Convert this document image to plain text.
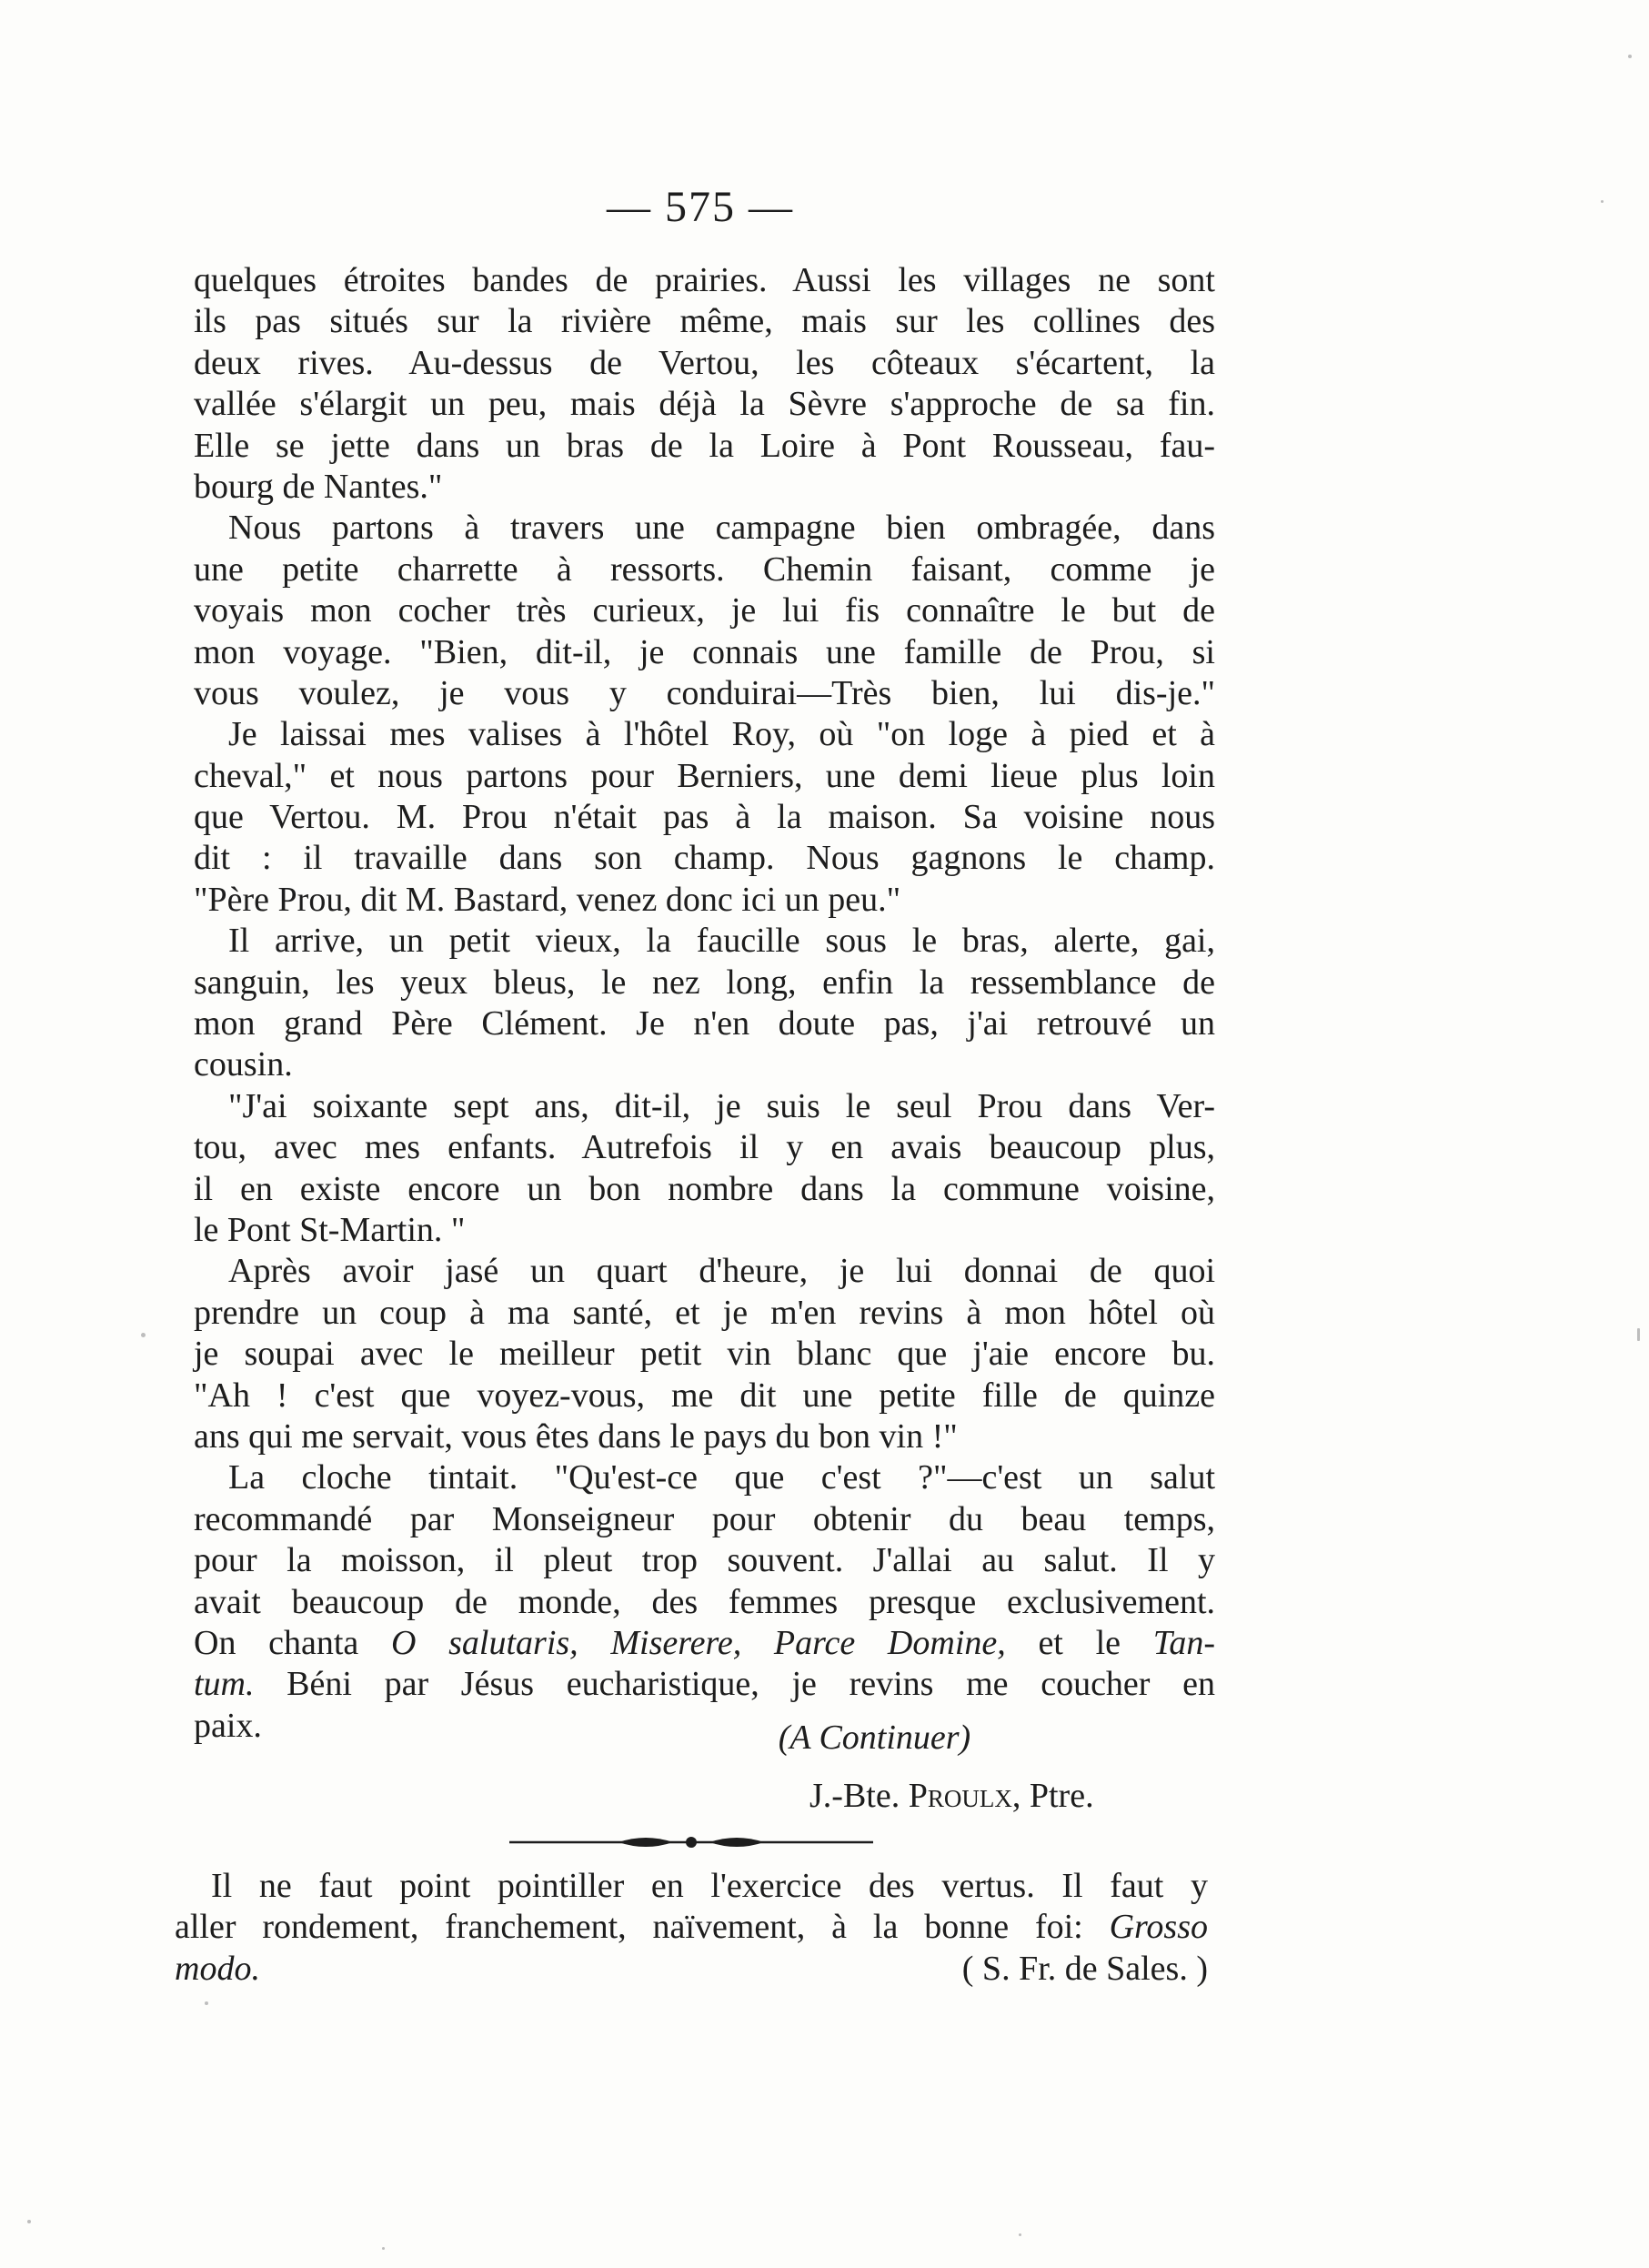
— 575 —
quelques étroites bandes de prairies. Aussi les villages ne sont
ils pas situés sur la rivière même, mais sur les collines des
deux rives. Au-dessus de Vertou, les côteaux s'écartent, la
vallée s'élargit un peu, mais déjà la Sèvre s'approche de sa fin.
Elle se jette dans un bras de la Loire à Pont Rousseau, fau-
bourg de Nantes."
Nous partons à travers une campagne bien ombragée, dans
une petite charrette à ressorts. Chemin faisant, comme je
voyais mon cocher très curieux, je lui fis connaître le but de
mon voyage. "Bien, dit-il, je connais une famille de Prou, si
vous voulez, je vous y conduirai—Très bien, lui dis-je."
Je laissai mes valises à l'hôtel Roy, où "on loge à pied et à
cheval," et nous partons pour Berniers, une demi lieue plus loin
que Vertou. M. Prou n'était pas à la maison. Sa voisine nous
dit : il travaille dans son champ. Nous gagnons le champ.
"Père Prou, dit M. Bastard, venez donc ici un peu."
Il arrive, un petit vieux, la faucille sous le bras, alerte, gai,
sanguin, les yeux bleus, le nez long, enfin la ressemblance de
mon grand Père Clément. Je n'en doute pas, j'ai retrouvé un
cousin.
"J'ai soixante sept ans, dit-il, je suis le seul Prou dans Ver-
tou, avec mes enfants. Autrefois il y en avais beaucoup plus,
il en existe encore un bon nombre dans la commune voisine,
le Pont St-Martin. "
Après avoir jasé un quart d'heure, je lui donnai de quoi
prendre un coup à ma santé, et je m'en revins à mon hôtel où
je soupai avec le meilleur petit vin blanc que j'aie encore bu.
"Ah ! c'est que voyez-vous, me dit une petite fille de quinze
ans qui me servait, vous êtes dans le pays du bon vin !"
La cloche tintait. "Qu'est-ce que c'est ?"—c'est un salut
recommandé par Monseigneur pour obtenir du beau temps,
pour la moisson, il pleut trop souvent. J'allai au salut. Il y
avait beaucoup de monde, des femmes presque exclusivement.
On chanta O salutaris, Miserere, Parce Domine, et le Tan-
tum. Béni par Jésus eucharistique, je revins me coucher en
paix.	(A Continuer)
J.-Bte. Proulx, Ptre.
Il ne faut point pointiller en l'exercice des vertus. Il faut y
aller rondement, franchement, naïvement, à la bonne foi: Grosso
modo.	( S. Fr. de Sales. )
